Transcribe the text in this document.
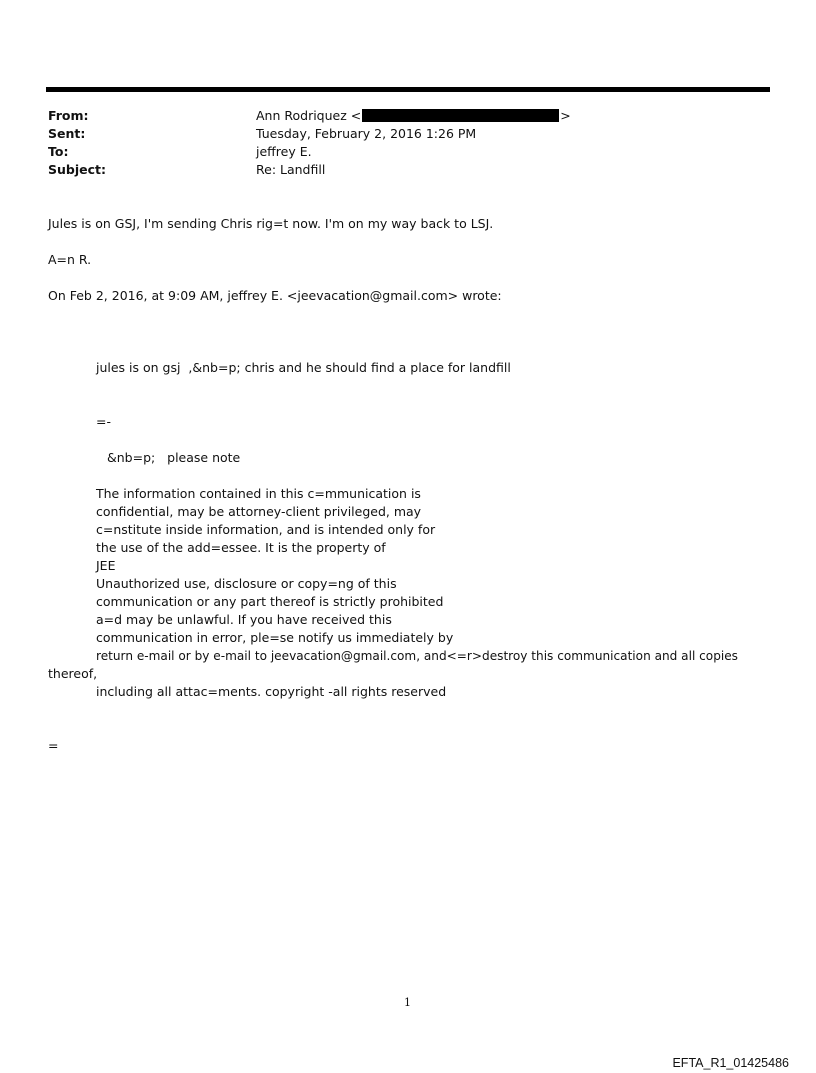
From:	Ann Rodriquez <	>
Sent:	Tuesday, February 2, 2016 1:26 PM
To:	jeffrey E.
Subject:	Re: Landfill
Jules is on GSJ, I'm sending Chris rig=t now. I'm on my way back to LSJ.
A=n R.
On Feb 2, 2016, at 9:09 AM, jeffrey E. <jeevacation@gmail.com> wrote:
jules is on gsj  ,&nb=p; chris and he should find a place for landfill
=-
&nb=p;   please note
The information contained in this c=mmunication is
confidential, may be attorney-client privileged, may
c=nstitute inside information, and is intended only for
the use of the add=essee. It is the property of
JEE
Unauthorized use, disclosure or copy=ng of this
communication or any part thereof is strictly prohibited
a=d may be unlawful. If you have received this
communication in error, ple=se notify us immediately by
return e-mail or by e-mail to jeevacation@gmail.com, and<=r>destroy this communication and all copies
thereof,
including all attac=ments. copyright -all rights reserved
=
1
EFTA_R1_01425486
